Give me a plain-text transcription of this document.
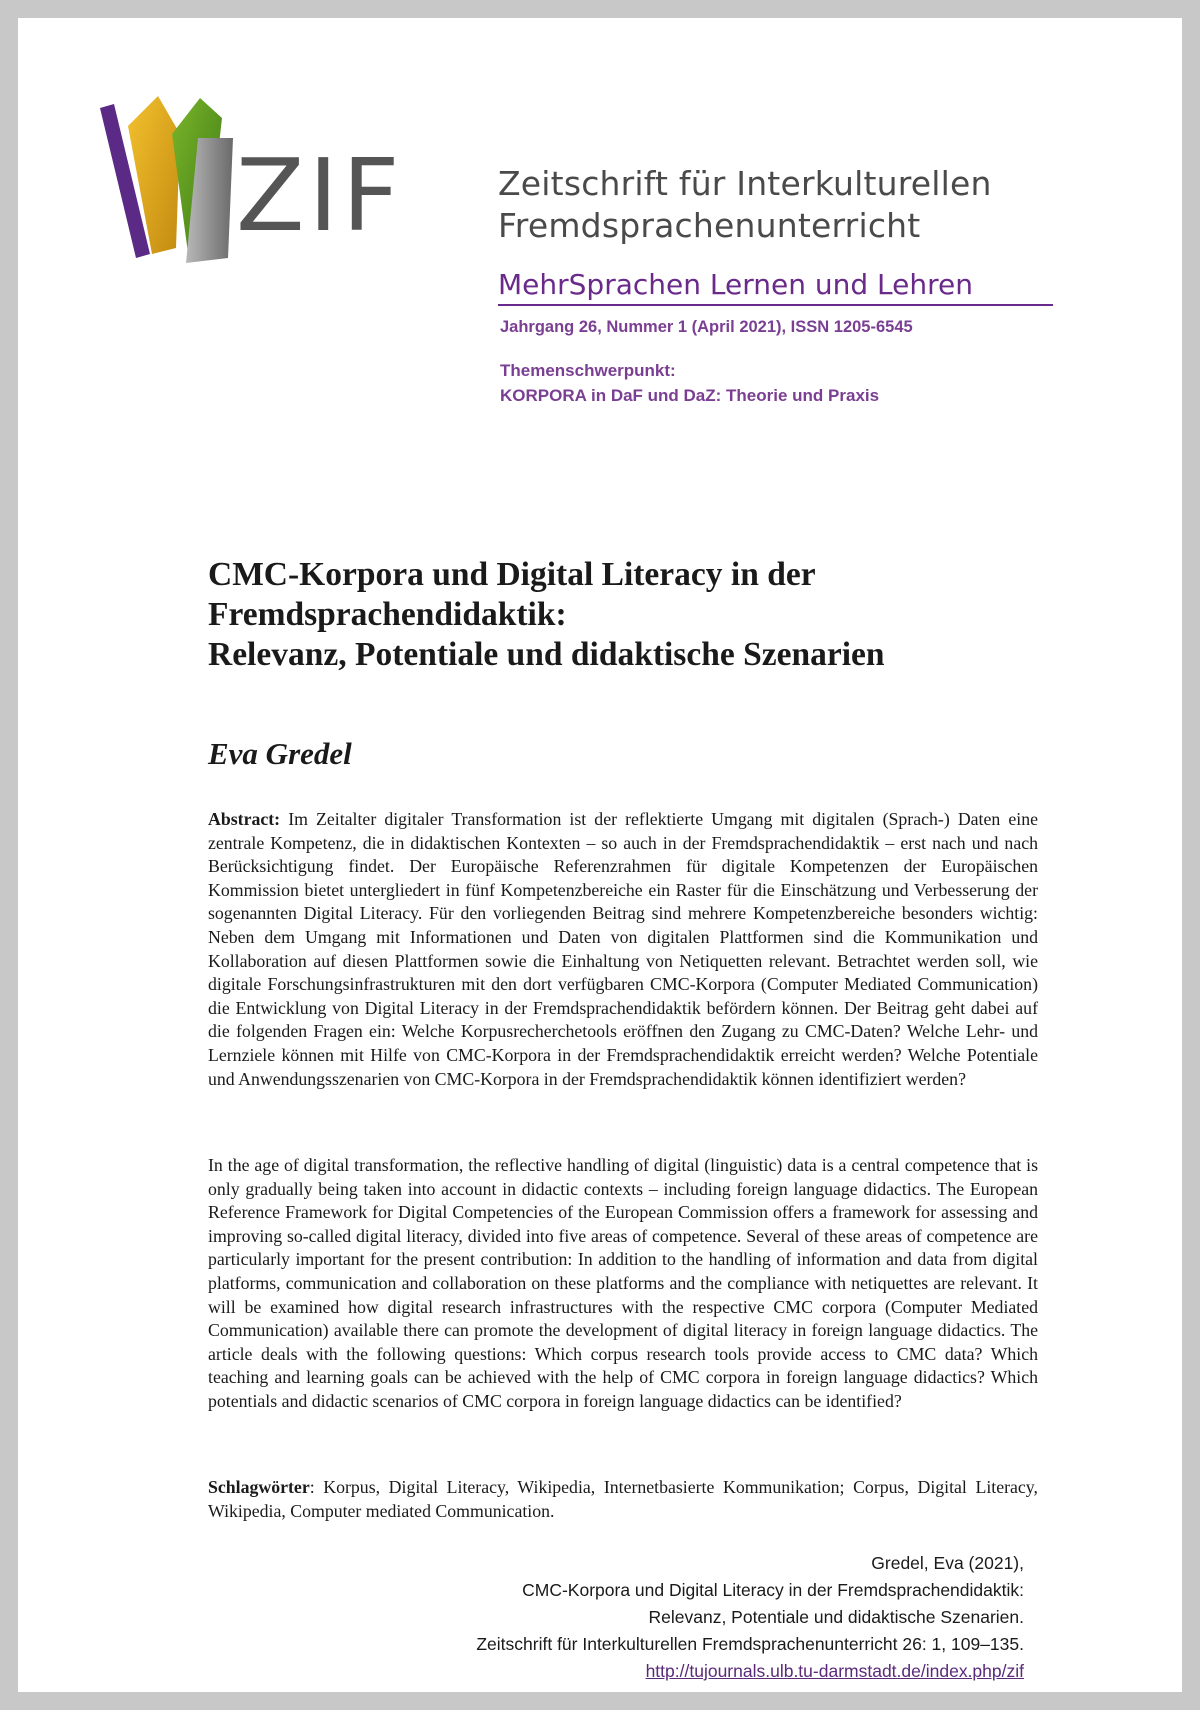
ZIF	Zeitschrift für Interkulturellen
Fremdsprachenunterricht
MehrSprachen Lernen und Lehren
Jahrgang 26, Nummer 1 (April 2021), ISSN 1205-6545
Themenschwerpunkt:
KORPORA in DaF und DaZ: Theorie und Praxis
CMC-Korpora und Digital Literacy in der
Fremdsprachendidaktik:
Relevanz, Potentiale und didaktische Szenarien
Eva Gredel

Abstract: Im Zeitalter digitaler Transformation ist der reflektierte Umgang mit digitalen (Sprach-) Daten eine zentrale Kompetenz, die in didaktischen Kontexten – so auch in der Fremdsprachendidaktik – erst nach und nach Berücksichtigung findet. Der Europäische Referenzrahmen für digitale Kompetenzen der Europäischen Kommission bietet untergliedert in fünf Kompetenzbereiche ein Raster für die Einschätzung und Verbesserung der sogenannten Digital Literacy. Für den vorliegenden Beitrag sind mehrere Kompetenzbereiche besonders wichtig: Neben dem Umgang mit Informationen und Daten von digitalen Plattformen sind die Kommunikation und Kollaboration auf diesen Plattformen sowie die Einhaltung von Netiquetten relevant. Betrachtet werden soll, wie digitale Forschungsinfrastrukturen mit den dort verfügbaren CMC-Korpora (Computer Mediated Communication) die Entwicklung von Digital Literacy in der Fremdsprachendidaktik befördern können. Der Beitrag geht dabei auf die folgenden Fragen ein: Welche Korpusrecherchetools eröffnen den Zugang zu CMC-Daten? Welche Lehr- und Lernziele können mit Hilfe von CMC-Korpora in der Fremdsprachendidaktik erreicht werden? Welche Potentiale und Anwendungsszenarien von CMC-Korpora in der Fremdsprachendidaktik können identifiziert werden?

In the age of digital transformation, the reflective handling of digital (linguistic) data is a central competence that is only gradually being taken into account in didactic contexts – including foreign language didactics. The European Reference Framework for Digital Competencies of the European Commission offers a framework for assessing and improving so-called digital literacy, divided into five areas of competence. Several of these areas of competence are particularly important for the present contribution: In addition to the handling of information and data from digital platforms, communication and collaboration on these platforms and the compliance with netiquettes are relevant. It will be examined how digital research infrastructures with the respective CMC corpora (Computer Mediated Communication) available there can promote the development of digital literacy in foreign language didactics. The article deals with the following questions: Which corpus research tools provide access to CMC data? Which teaching and learning goals can be achieved with the help of CMC corpora in foreign language didactics? Which potentials and didactic scenarios of CMC corpora in foreign language didactics can be identified?

Schlagwörter: Korpus, Digital Literacy, Wikipedia, Internetbasierte Kommunikation; Corpus, Digital Literacy, Wikipedia, Computer mediated Communication.

Gredel, Eva (2021),
CMC-Korpora und Digital Literacy in der Fremdsprachendidaktik:
Relevanz, Potentiale und didaktische Szenarien.
Zeitschrift für Interkulturellen Fremdsprachenunterricht 26: 1, 109–135.
http://tujournals.ulb.tu-darmstadt.de/index.php/zif
